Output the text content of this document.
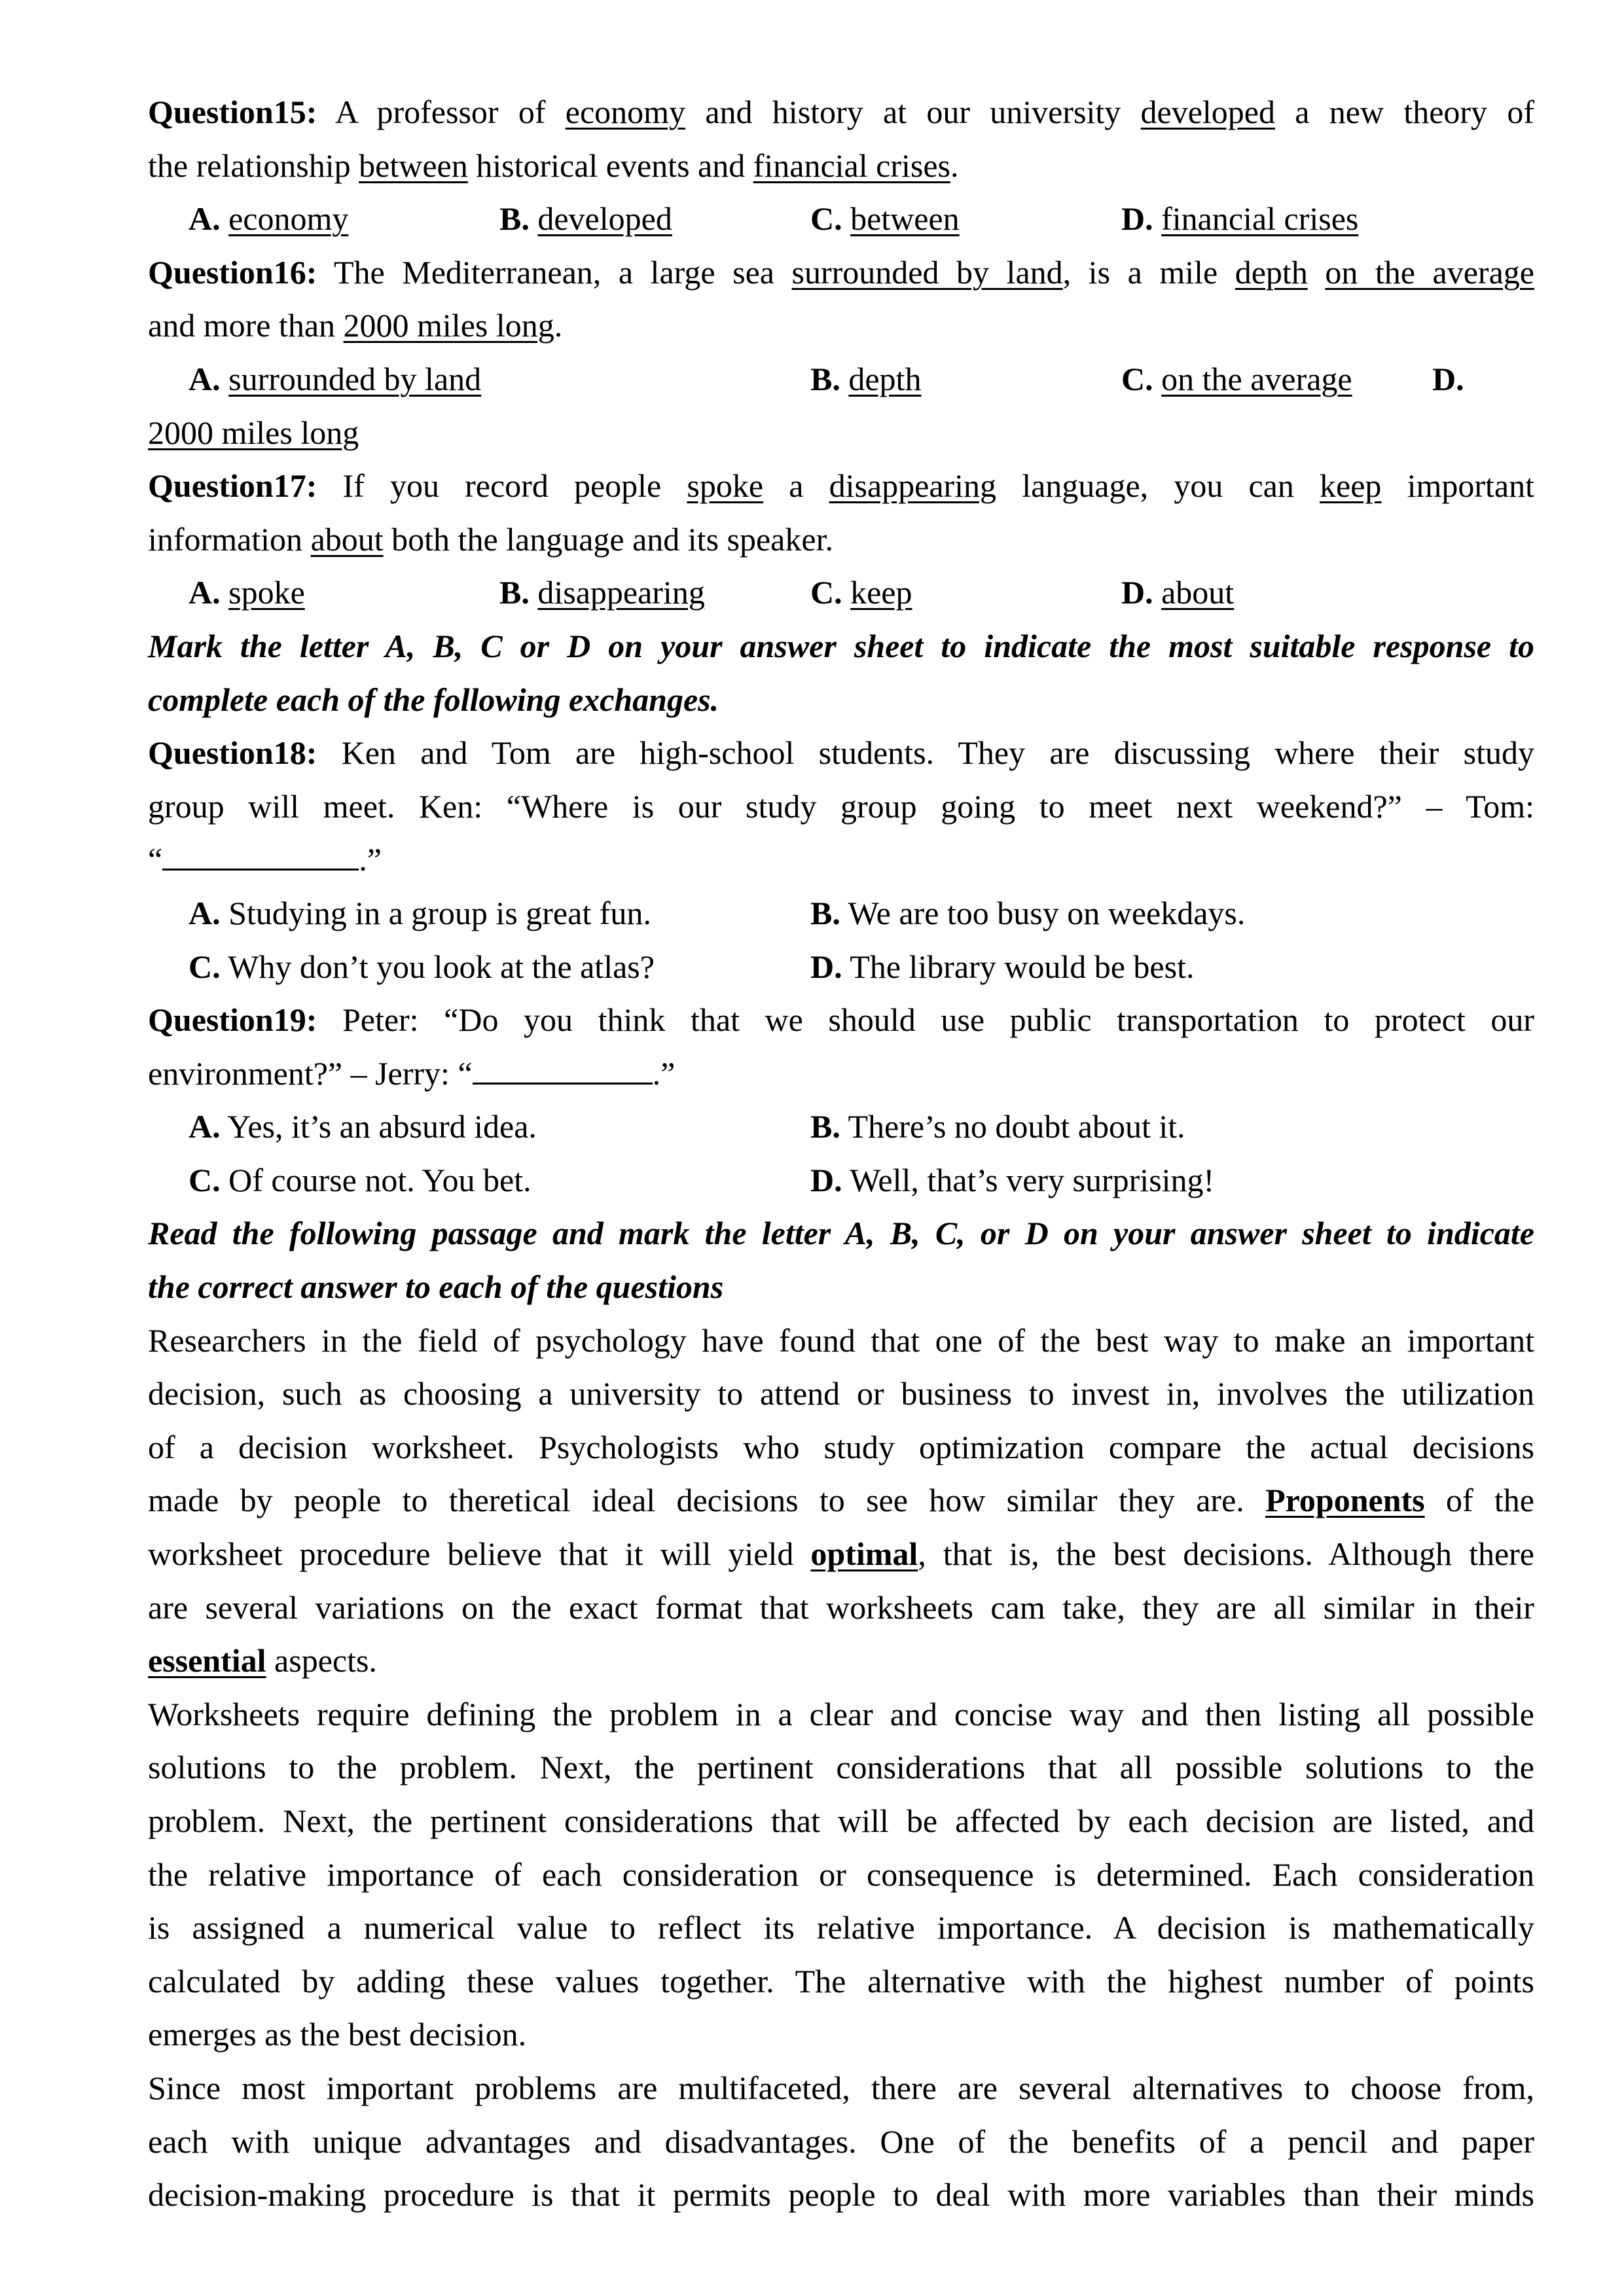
Question15: A professor of economy and history at our university developed a new theory of
the relationship between historical events and financial crises.
A. economy	B. developed	C. between	D. financial crises
Question16: The Mediterranean, a large sea surrounded by land, is a mile depth on the average
and more than 2000 miles long.
A. surrounded by land	B. depth	C. on the average	D.
2000 miles long
Question17: If you record people spoke a disappearing language, you can keep important
information about both the language and its speaker.
A. spoke	B. disappearing	C. keep	D. about
Mark the letter A, B, C or D on your answer sheet to indicate the most suitable response to
complete each of the following exchanges.
Question18: Ken and Tom are high-school students. They are discussing where their study
group will meet. Ken: “Where is our study group going to meet next weekend?” – Tom:
“	.”
A. Studying in a group is great fun.	B. We are too busy on weekdays.
C. Why don’t you look at the atlas?	D. The library would be best.
Question19: Peter: “Do you think that we should use public transportation to protect our
environment?” – Jerry: “	.”
A. Yes, it’s an absurd idea.	B. There’s no doubt about it.
C. Of course not. You bet.	D. Well, that’s very surprising!
Read the following passage and mark the letter A, B, C, or D on your answer sheet to indicate
the correct answer to each of the questions
Researchers in the field of psychology have found that one of the best way to make an important
decision, such as choosing a university to attend or business to invest in, involves the utilization
of a decision worksheet. Psychologists who study optimization compare the actual decisions
made by people to theretical ideal decisions to see how similar they are. Proponents of the
worksheet procedure believe that it will yield optimal, that is, the best decisions. Although there
are several variations on the exact format that worksheets cam take, they are all similar in their
essential aspects.
Worksheets require defining the problem in a clear and concise way and then listing all possible
solutions to the problem. Next, the pertinent considerations that all possible solutions to the
problem. Next, the pertinent considerations that will be affected by each decision are listed, and
the relative importance of each consideration or consequence is determined. Each consideration
is assigned a numerical value to reflect its relative importance. A decision is mathematically
calculated by adding these values together. The alternative with the highest number of points
emerges as the best decision.
Since most important problems are multifaceted, there are several alternatives to choose from,
each with unique advantages and disadvantages. One of the benefits of a pencil and paper
decision-making procedure is that it permits people to deal with more variables than their minds
